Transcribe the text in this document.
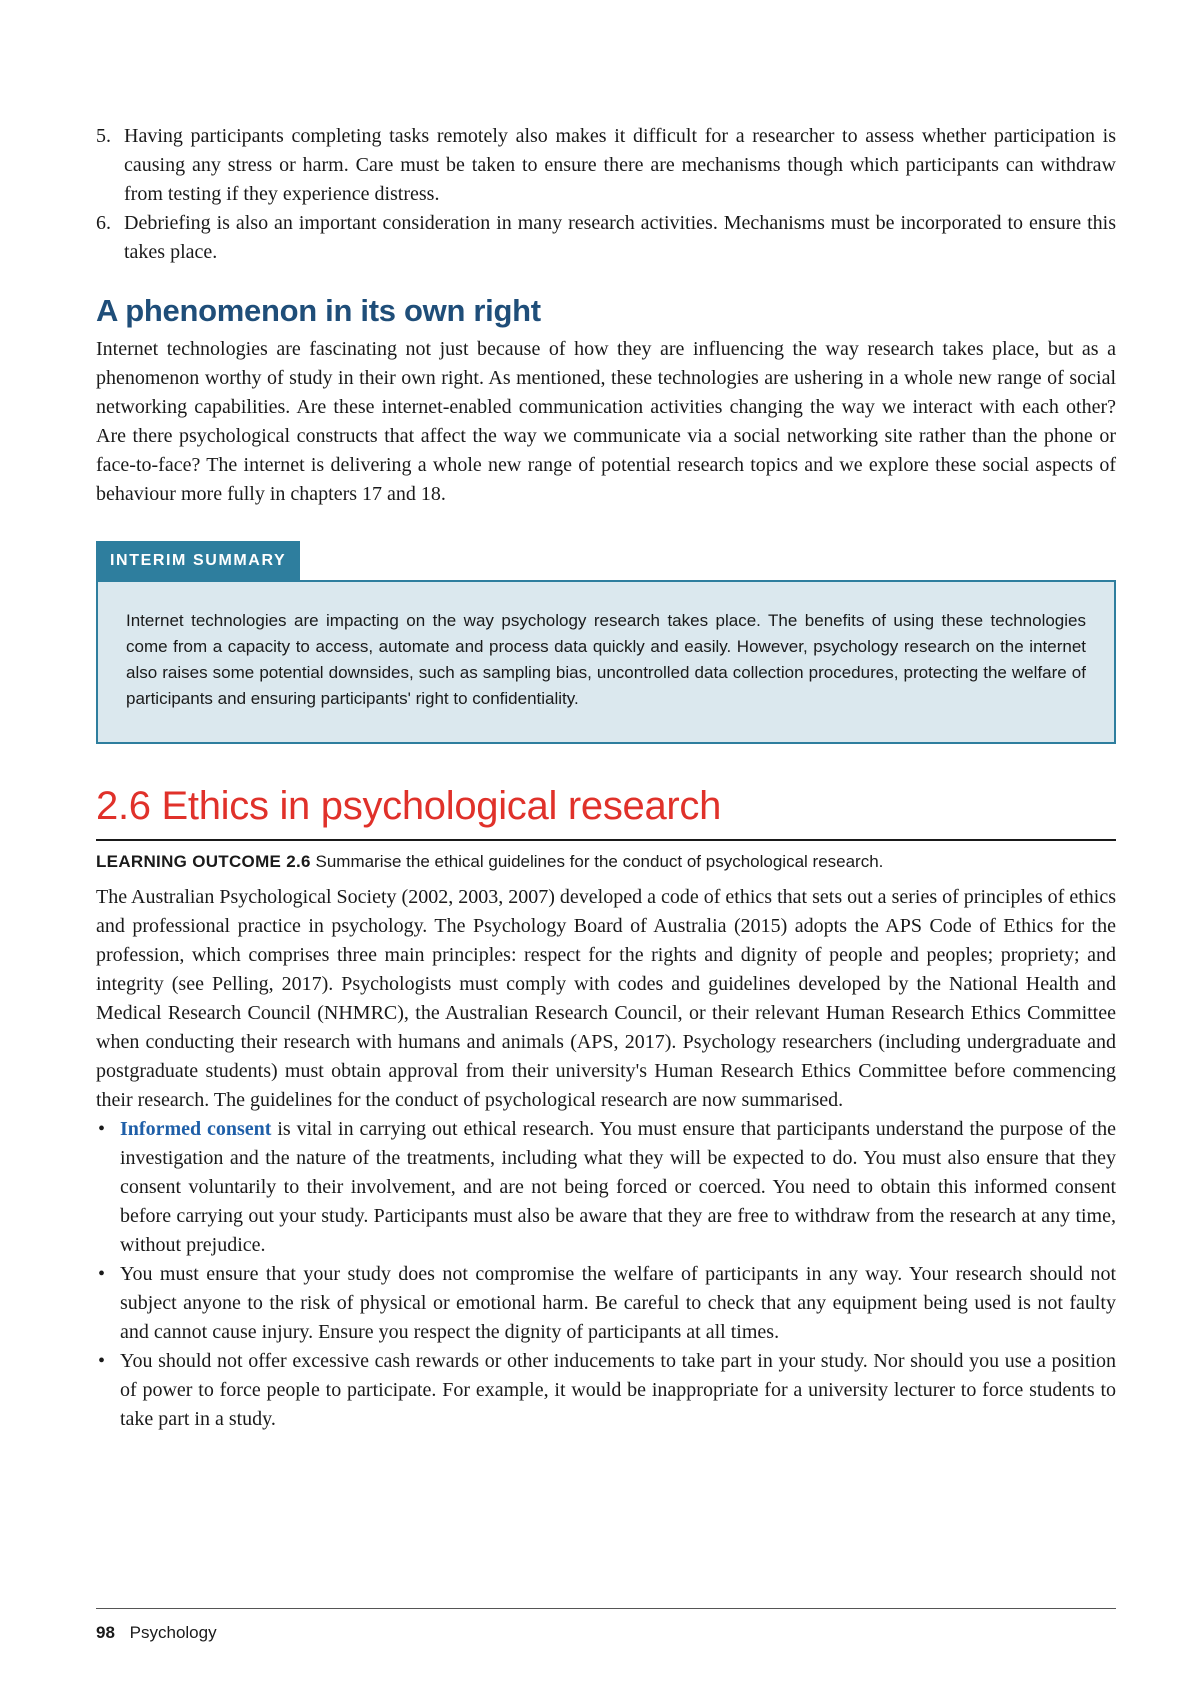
5. Having participants completing tasks remotely also makes it difficult for a researcher to assess whether participation is causing any stress or harm. Care must be taken to ensure there are mechanisms though which participants can withdraw from testing if they experience distress.
6. Debriefing is also an important consideration in many research activities. Mechanisms must be incorporated to ensure this takes place.
A phenomenon in its own right

Internet technologies are fascinating not just because of how they are influencing the way research takes place, but as a phenomenon worthy of study in their own right. As mentioned, these technologies are ushering in a whole new range of social networking capabilities. Are these internet-enabled communication activities changing the way we interact with each other? Are there psychological constructs that affect the way we communicate via a social networking site rather than the phone or face-to-face? The internet is delivering a whole new range of potential research topics and we explore these social aspects of behaviour more fully in chapters 17 and 18.

INTERIM SUMMARY
Internet technologies are impacting on the way psychology research takes place. The benefits of using these technologies come from a capacity to access, automate and process data quickly and easily. However, psychology research on the internet also raises some potential downsides, such as sampling bias, uncontrolled data collection procedures, protecting the welfare of participants and ensuring participants' right to confidentiality.
2.6 Ethics in psychological research
LEARNING OUTCOME 2.6 Summarise the ethical guidelines for the conduct of psychological research.

The Australian Psychological Society (2002, 2003, 2007) developed a code of ethics that sets out a series of principles of ethics and professional practice in psychology. The Psychology Board of Australia (2015) adopts the APS Code of Ethics for the profession, which comprises three main principles: respect for the rights and dignity of people and peoples; propriety; and integrity (see Pelling, 2017). Psychologists must comply with codes and guidelines developed by the National Health and Medical Research Council (NHMRC), the Australian Research Council, or their relevant Human Research Ethics Committee when conducting their research with humans and animals (APS, 2017). Psychology researchers (including undergraduate and postgraduate students) must obtain approval from their university's Human Research Ethics Committee before commencing their research. The guidelines for the conduct of psychological research are now summarised.

• Informed consent is vital in carrying out ethical research. You must ensure that participants understand the purpose of the investigation and the nature of the treatments, including what they will be expected to do. You must also ensure that they consent voluntarily to their involvement, and are not being forced or coerced. You need to obtain this informed consent before carrying out your study. Participants must also be aware that they are free to withdraw from the research at any time, without prejudice.
• You must ensure that your study does not compromise the welfare of participants in any way. Your research should not subject anyone to the risk of physical or emotional harm. Be careful to check that any equipment being used is not faulty and cannot cause injury. Ensure you respect the dignity of participants at all times.
• You should not offer excessive cash rewards or other inducements to take part in your study. Nor should you use a position of power to force people to participate. For example, it would be inappropriate for a university lecturer to force students to take part in a study.
98 Psychology
